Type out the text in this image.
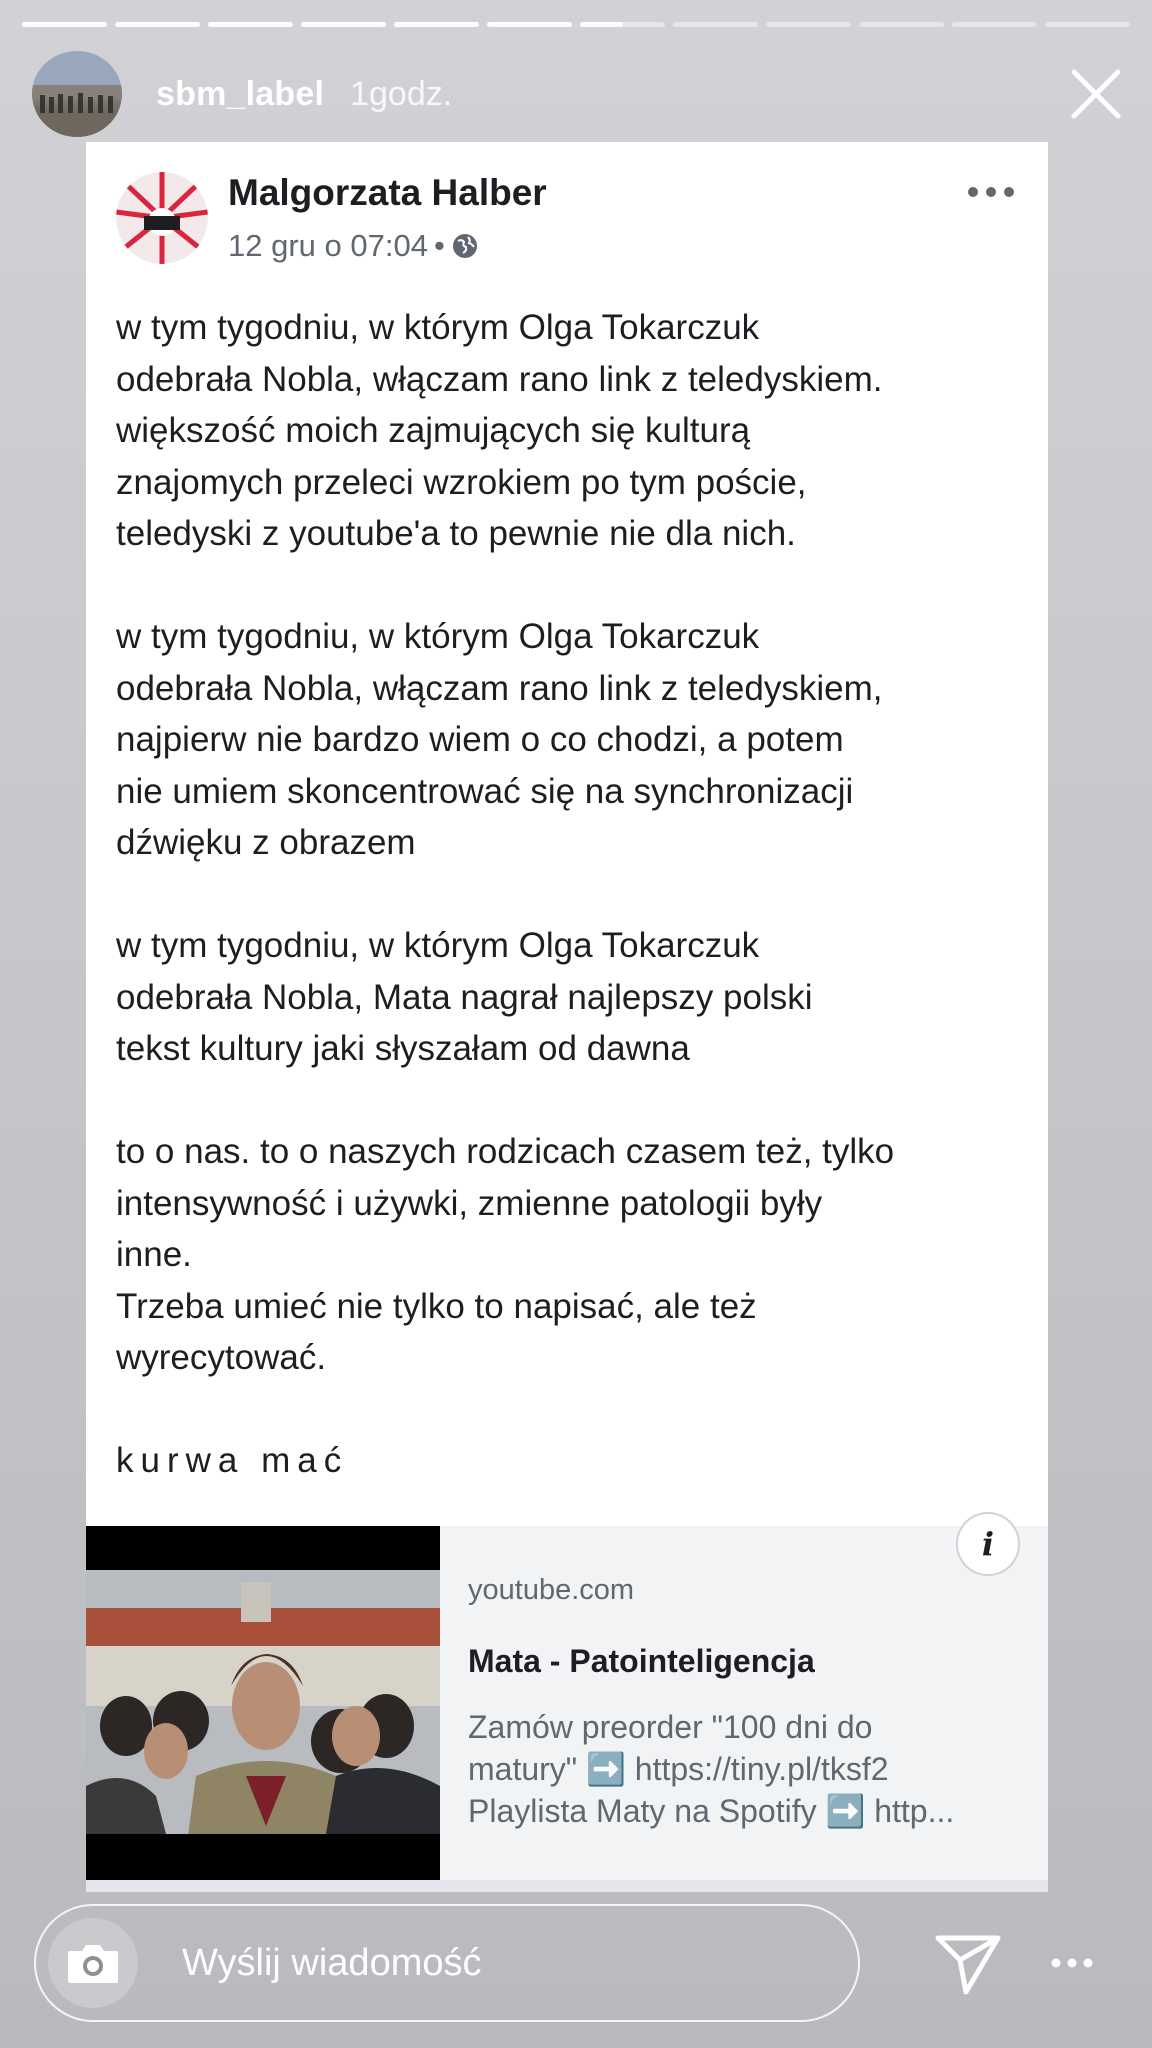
sbm_label 1godz.
Malgorzata Halber
12 gru o 07:04 •

w tym tygodniu, w którym Olga Tokarczuk
odebrała Nobla, włączam rano link z teledyskiem.
większość moich zajmujących się kulturą
znajomych przeleci wzrokiem po tym poście,
teledyski z youtube'a to pewnie nie dla nich.

w tym tygodniu, w którym Olga Tokarczuk
odebrała Nobla, włączam rano link z teledyskiem,
najpierw nie bardzo wiem o co chodzi, a potem
nie umiem skoncentrować się na synchronizacji
dźwięku z obrazem

w tym tygodniu, w którym Olga Tokarczuk
odebrała Nobla, Mata nagrał najlepszy polski
tekst kultury jaki słyszałam od dawna

to o nas. to o naszych rodzicach czasem też, tylko
intensywność i używki, zmienne patologii były
inne.
Trzeba umieć nie tylko to napisać, ale też
wyrecytować.

kurwa mać

i
youtube.com
Mata - Patointeligencja
Zamów preorder "100 dni do
matury" ➡️ https://tiny.pl/tksf2
Playlista Maty na Spotify ➡️ http...
Wyślij wiadomość
